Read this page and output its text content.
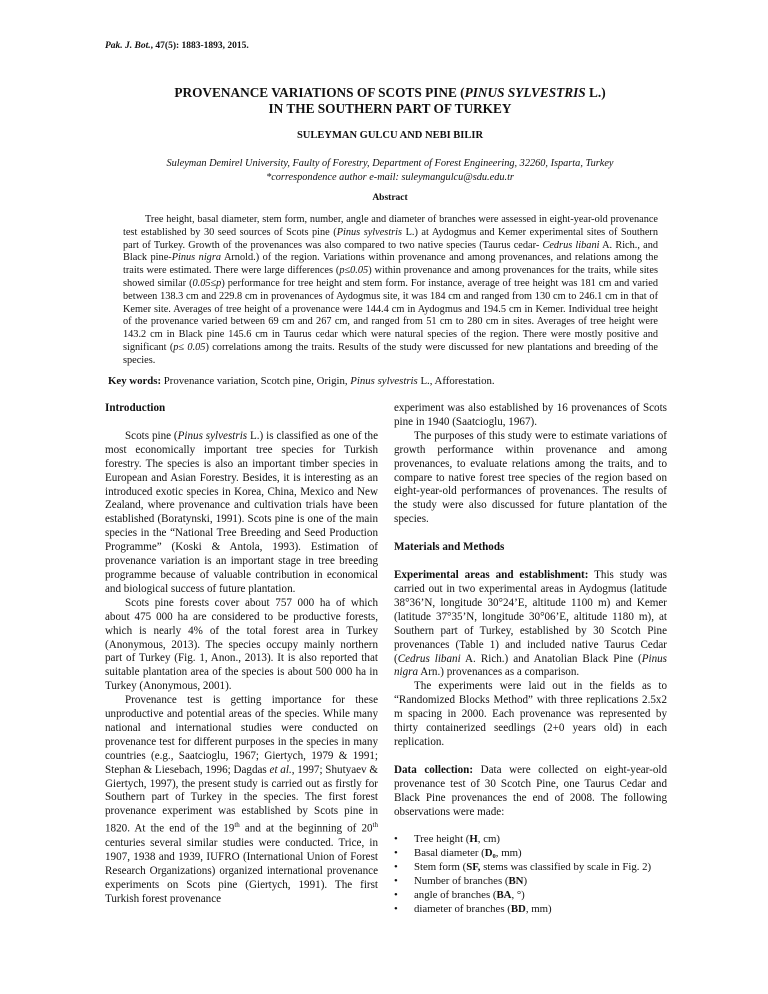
Pak. J. Bot., 47(5): 1883-1893, 2015.
PROVENANCE VARIATIONS OF SCOTS PINE (PINUS SYLVESTRIS L.)
IN THE SOUTHERN PART OF TURKEY
SULEYMAN GULCU AND NEBI BILIR
Suleyman Demirel University, Faulty of Forestry, Department of Forest Engineering, 32260, Isparta, Turkey
*correspondence author e-mail: suleymangulcu@sdu.edu.tr
Abstract
Tree height, basal diameter, stem form, number, angle and diameter of branches were assessed in eight-year-old provenance test established by 30 seed sources of Scots pine (Pinus sylvestris L.) at Aydogmus and Kemer experimental sites of Southern part of Turkey. Growth of the provenances was also compared to two native species (Taurus cedar- Cedrus libani A. Rich., and Black pine-Pinus nigra Arnold.) of the region. Variations within provenance and among provenances, and relations among the traits were estimated. There were large differences (p≤0.05) within provenance and among provenances for the traits, while sites showed similar (0.05≤p) performance for tree height and stem form. For instance, average of tree height was 181 cm and varied between 138.3 cm and 229.8 cm in provenances of Aydogmus site, it was 184 cm and ranged from 130 cm to 246.1 cm in that of Kemer site. Averages of tree height of a provenance were 144.4 cm in Aydogmus and 194.5 cm in Kemer. Individual tree height of the provenance varied between 69 cm and 267 cm, and ranged from 51 cm to 280 cm in sites. Averages of tree height were 143.2 cm in Black pine 145.6 cm in Taurus cedar which were natural species of the region. There were mostly positive and significant (p≤ 0.05) correlations among the traits. Results of the study were discussed for new plantations and breeding of the species.
Key words: Provenance variation, Scotch pine, Origin, Pinus sylvestris L., Afforestation.
Introduction

Scots pine (Pinus sylvestris L.) is classified as one of the most economically important tree species for Turkish forestry. The species is also an important timber species in European and Asian Forestry. Besides, it is interesting as an introduced exotic species in Korea, China, Mexico and New Zealand, where provenance and cultivation trials have been established (Boratynski, 1991). Scots pine is one of the main species in the “National Tree Breeding and Seed Production Programme” (Koski & Antola, 1993). Estimation of provenance variation is an important stage in tree breeding programme because of valuable contribution in economical and biological success of future plantation.

Scots pine forests cover about 757 000 ha of which about 475 000 ha are considered to be productive forests, which is nearly 4% of the total forest area in Turkey (Anonymous, 2013). The species occupy mainly northern part of Turkey (Fig. 1, Anon., 2013). It is also reported that suitable plantation area of the species is about 500 000 ha in Turkey (Anonymous, 2001).

Provenance test is getting importance for these unproductive and potential areas of the species. While many national and international studies were conducted on provenance test for different purposes in the species in many countries (e.g., Saatcioglu, 1967; Giertych, 1979 & 1991; Stephan & Liesebach, 1996; Dagdas et al., 1997; Shutyaev & Giertych, 1997), the present study is carried out as firstly for Southern part of Turkey in the species. The first forest provenance experiment was established by Scots pine in 1820. At the end of the 19th and at the beginning of 20th centuries several similar studies were conducted. Trice, in 1907, 1938 and 1939, IUFRO (International Union of Forest Research Organizations) organized international provenance experiments on Scots pine (Giertych, 1991). The first Turkish forest provenance

experiment was also established by 16 provenances of Scots pine in 1940 (Saatcioglu, 1967).

The purposes of this study were to estimate variations of growth performance within provenance and among provenances, to evaluate relations among the traits, and to compare to native forest tree species of the region based on eight-year-old performances of provenances. The results of the study were also discussed for future plantation of the species.

Materials and Methods

Experimental areas and establishment: This study was carried out in two experimental areas in Aydogmus (latitude 38°36’N, longitude 30°24’E, altitude 1100 m) and Kemer (latitude 37°35’N, longitude 30°06’E, altitude 1180 m), at Southern part of Turkey, established by 30 Scotch Pine provenances (Table 1) and included native Taurus Cedar (Cedrus libani A. Rich.) and Anatolian Black Pine (Pinus nigra Arn.) provenances as a comparison.

The experiments were laid out in the fields as to “Randomized Blocks Method” with three replications 2.5x2 m spacing in 2000. Each provenance was represented by thirty containerized seedlings (2+0 years old) in each replication.

Data collection: Data were collected on eight-year-old provenance test of 30 Scotch Pine, one Taurus Cedar and Black Pine provenances the end of 2008. The following observations were made:

• Tree height (H, cm)
• Basal diameter (D₀, mm)
• Stem form (SF, stems was classified by scale in Fig. 2)
• Number of branches (BN)
• angle of branches (BA, °)
• diameter of branches (BD, mm)
